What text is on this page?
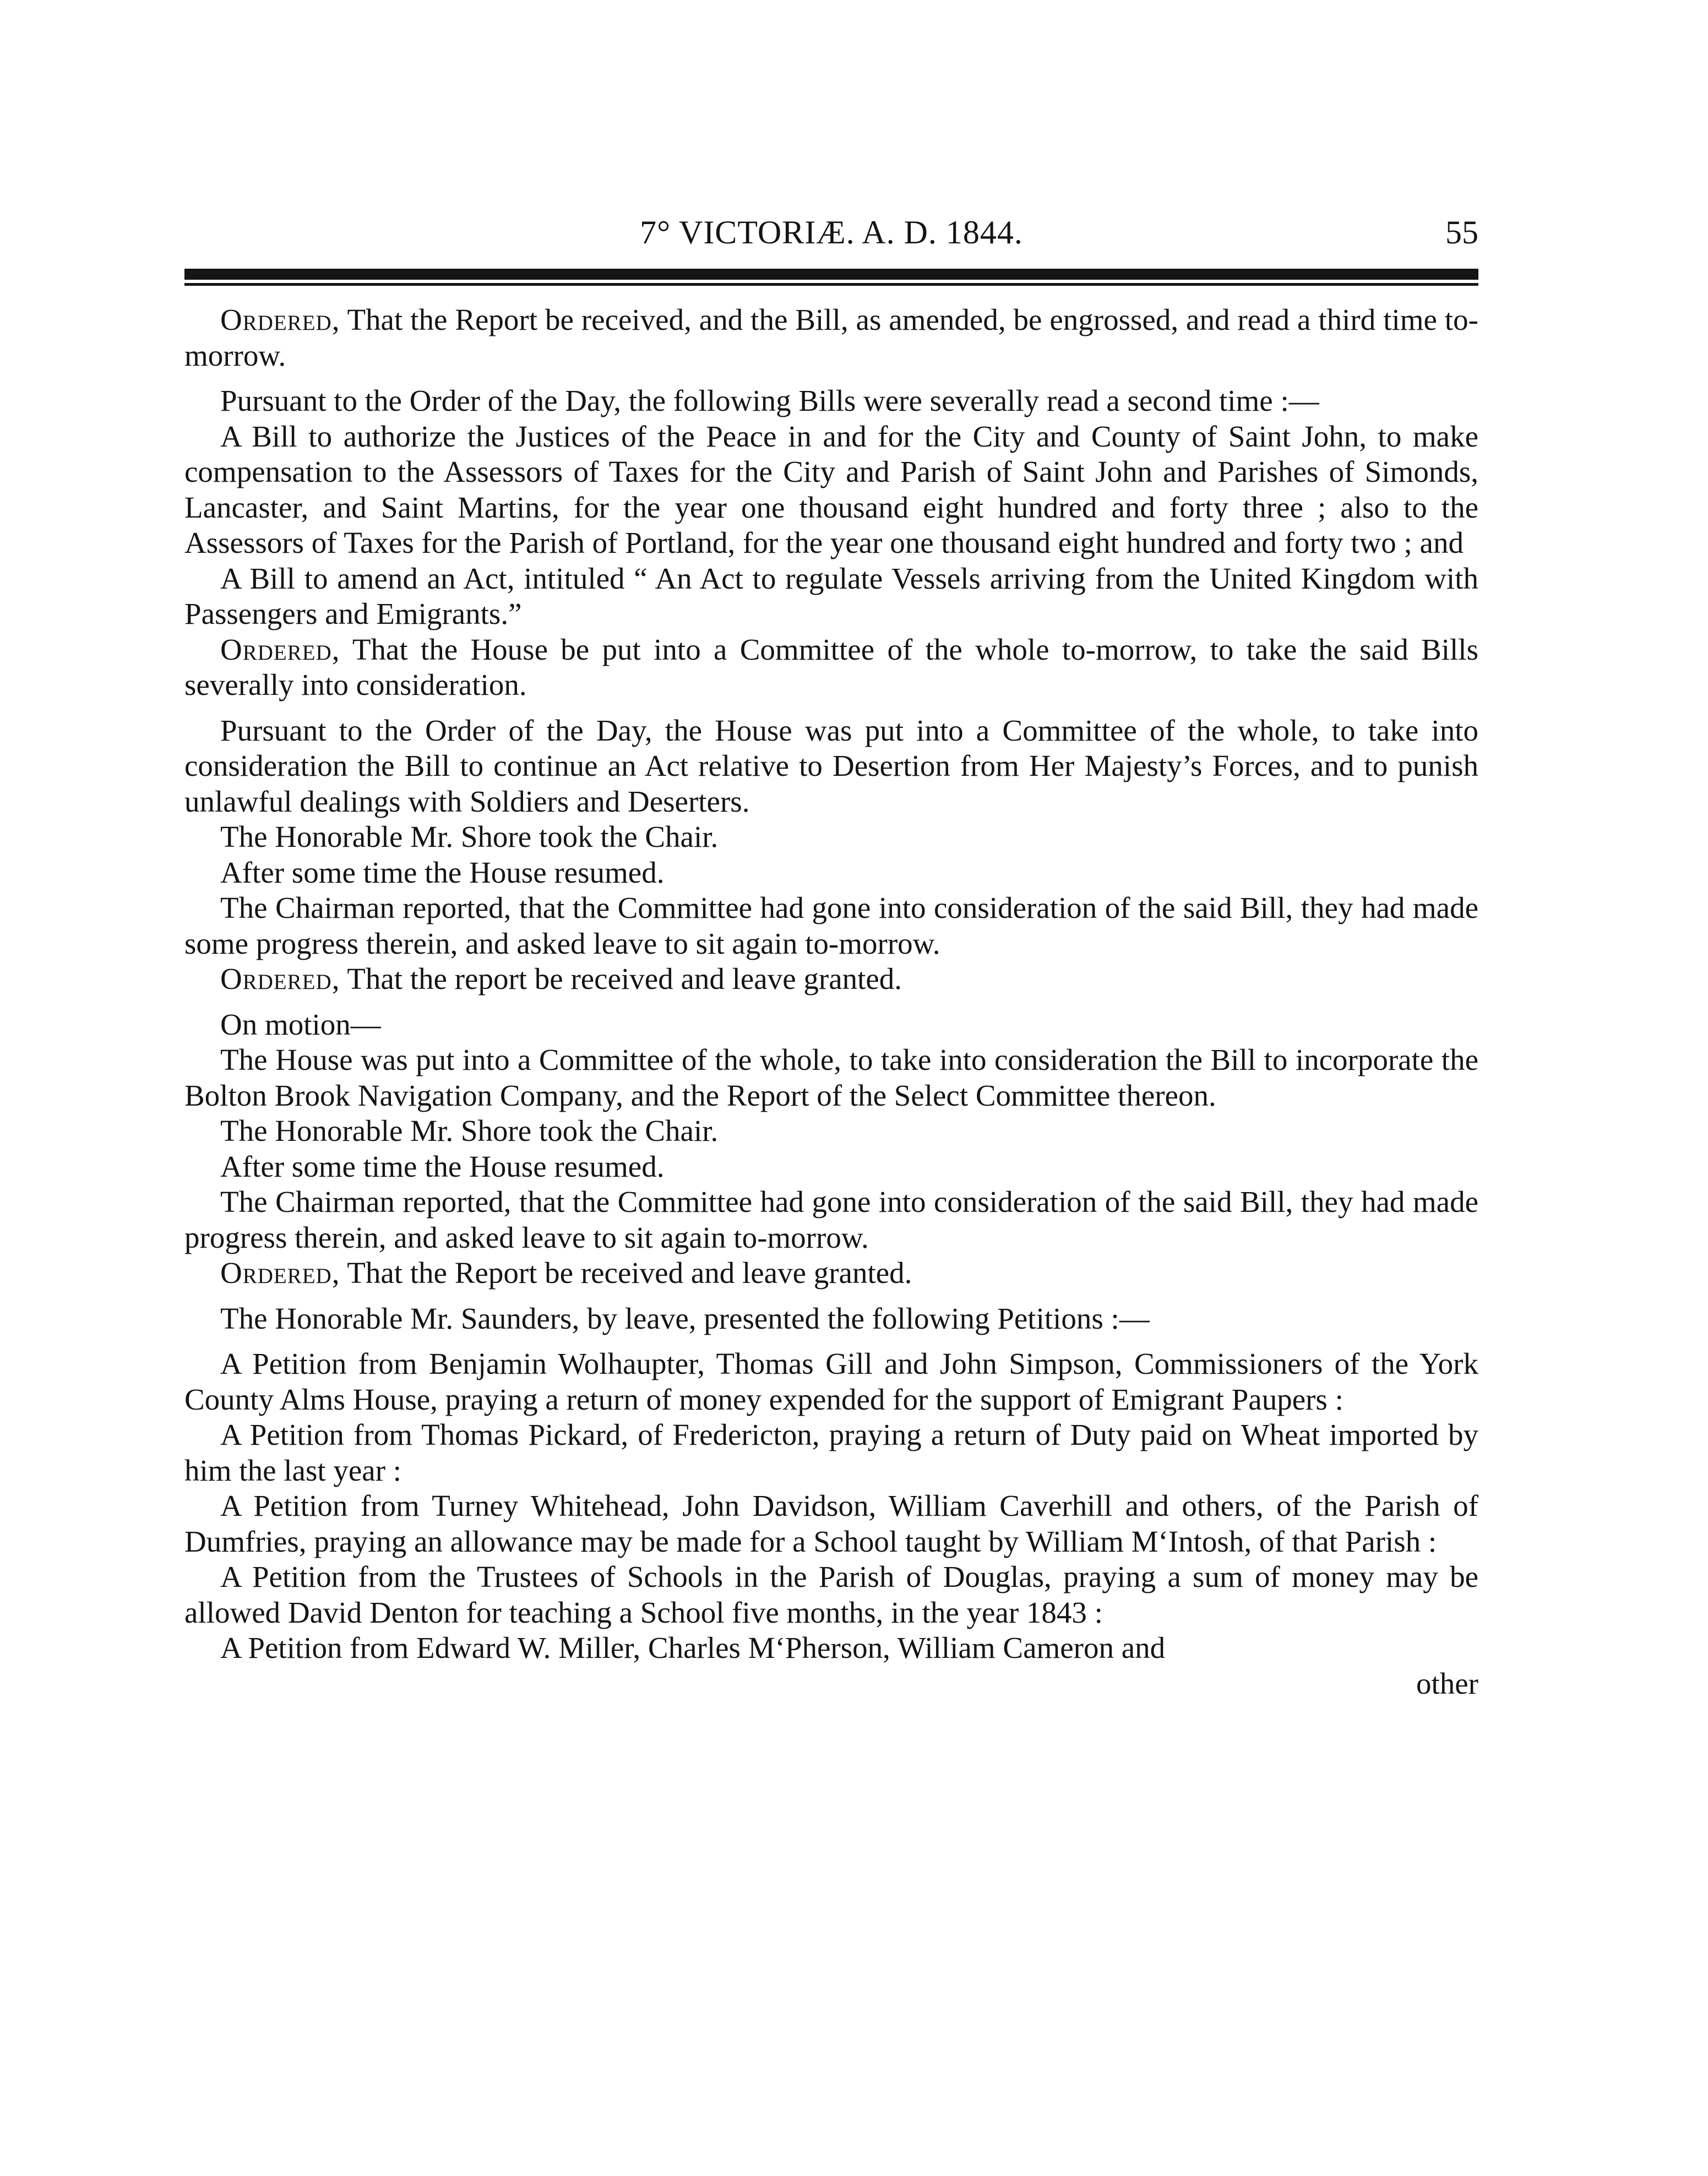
7° VICTORIÆ. A. D. 1844.	55

Ordered, That the Report be received, and the Bill, as amended, be engrossed, and read a third time to-morrow.

Pursuant to the Order of the Day, the following Bills were severally read a second time :—

A Bill to authorize the Justices of the Peace in and for the City and County of Saint John, to make compensation to the Assessors of Taxes for the City and Parish of Saint John and Parishes of Simonds, Lancaster, and Saint Martins, for the year one thousand eight hundred and forty three ; also to the Assessors of Taxes for the Parish of Portland, for the year one thousand eight hundred and forty two ; and

A Bill to amend an Act, intituled “ An Act to regulate Vessels arriving from the United Kingdom with Passengers and Emigrants.”

Ordered, That the House be put into a Committee of the whole to-morrow, to take the said Bills severally into consideration.

Pursuant to the Order of the Day, the House was put into a Committee of the whole, to take into consideration the Bill to continue an Act relative to Desertion from Her Majesty’s Forces, and to punish unlawful dealings with Soldiers and Deserters.

The Honorable Mr. Shore took the Chair.

After some time the House resumed.

The Chairman reported, that the Committee had gone into consideration of the said Bill, they had made some progress therein, and asked leave to sit again to-morrow.

Ordered, That the report be received and leave granted.

On motion—

The House was put into a Committee of the whole, to take into consideration the Bill to incorporate the Bolton Brook Navigation Company, and the Report of the Select Committee thereon.

The Honorable Mr. Shore took the Chair.

After some time the House resumed.

The Chairman reported, that the Committee had gone into consideration of the said Bill, they had made progress therein, and asked leave to sit again to-morrow.

Ordered, That the Report be received and leave granted.

The Honorable Mr. Saunders, by leave, presented the following Petitions :—

A Petition from Benjamin Wolhaupter, Thomas Gill and John Simpson, Commissioners of the York County Alms House, praying a return of money expended for the support of Emigrant Paupers :

A Petition from Thomas Pickard, of Fredericton, praying a return of Duty paid on Wheat imported by him the last year :

A Petition from Turney Whitehead, John Davidson, William Caverhill and others, of the Parish of Dumfries, praying an allowance may be made for a School taught by William M‘Intosh, of that Parish :

A Petition from the Trustees of Schools in the Parish of Douglas, praying a sum of money may be allowed David Denton for teaching a School five months, in the year 1843 :

A Petition from Edward W. Miller, Charles M‘Pherson, William Cameron and

other
